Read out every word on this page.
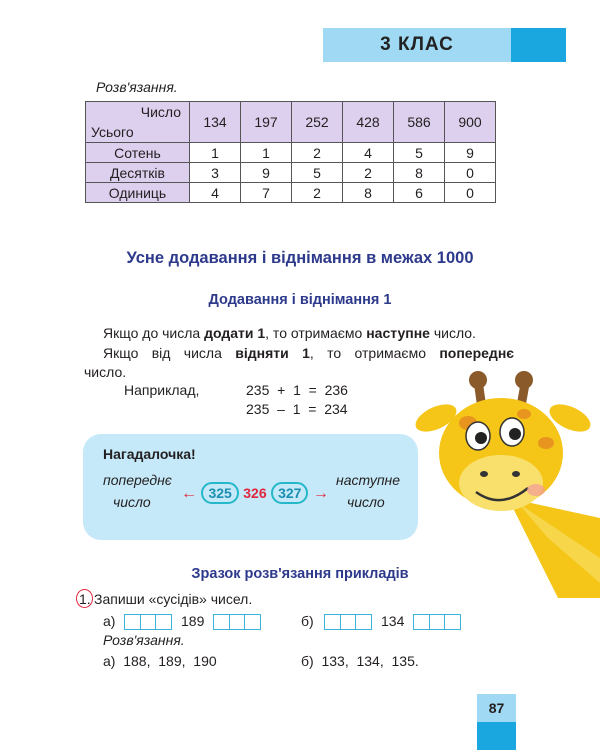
3 КЛАС
Розв'язання.
Число
Усього	134	197	252	428	586	900
Сотень	1	1	2	4	5	9
Десятків	3	9	5	2	8	0
Одиниць	4	7	2	8	6	0
Усне додавання і віднімання в межах 1000
Додавання і віднімання 1
Якщо до числа додати 1, то отримаємо наступне число.
Якщо від числа відняти 1, то отримаємо попереднє
число.
Наприклад,	235  +  1  =  236
235  –  1  =  234
Нагадалочка!
попереднє
число
наступне
число
← 325 326 327 →
Зразок розв'язання прикладів
1. Запиши «сусідів» чисел.
а)	189	б)	134
Розв'язання.
а)  188,  189,  190	б)  133,  134,  135.
87
